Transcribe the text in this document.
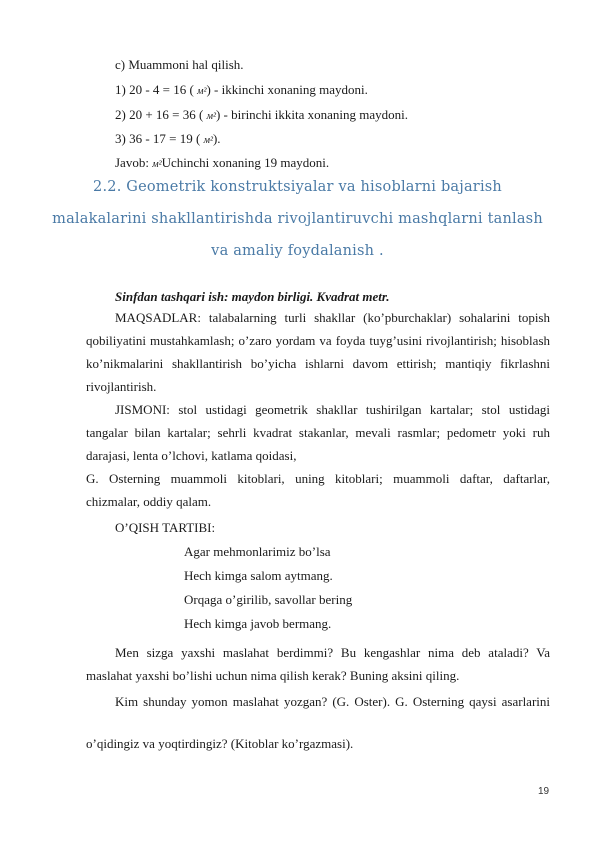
c) Muammoni hal qilish.
1) 20 - 4 = 16 ( м²) - ikkinchi xonaning maydoni.
2) 20 + 16 = 36 ( м²) - birinchi ikkita xonaning maydoni.
3) 36 - 17 = 19 ( м²).
Javob: м²Uchinchi xonaning 19 maydoni.
2.2. Geometrik konstruktsiyalar va hisoblarni bajarish
malakalarini shakllantirishda rivojlantiruvchi mashqlarni tanlash
va amaliy foydalanish .
Sinfdan tashqari ish: maydon birligi. Kvadrat metr.
MAQSADLAR: talabalarning turli shakllar (ko’pburchaklar) sohalarini topish qobiliyatini mustahkamlash; o’zaro yordam va foyda tuyg’usini rivojlantirish; hisoblash ko’nikmalarini shakllantirish bo’yicha ishlarni davom ettirish; mantiqiy fikrlashni rivojlantirish.
JISMONI: stol ustidagi geometrik shakllar tushirilgan kartalar; stol ustidagi tangalar bilan kartalar; sehrli kvadrat stakanlar, mevali rasmlar; pedometr yoki ruh darajasi, lenta o’lchovi, katlama qoidasi,
G. Osterning muammoli kitoblari, uning kitoblari; muammoli daftar, daftarlar, chizmalar, oddiy qalam.
O’QISH TARTIBI:
Agar mehmonlarimiz bo’lsa
Hech kimga salom aytmang.
Orqaga o’girilib, savollar bering
Hech kimga javob bermang.
Men sizga yaxshi maslahat berdimmi? Bu kengashlar nima deb ataladi? Va maslahat yaxshi bo’lishi uchun nima qilish kerak? Buning aksini qiling.
Kim shunday yomon maslahat yozgan? (G. Oster). G. Osterning qaysi asarlarini
o’qidingiz va yoqtirdingiz? (Kitoblar ko’rgazmasi).
19
